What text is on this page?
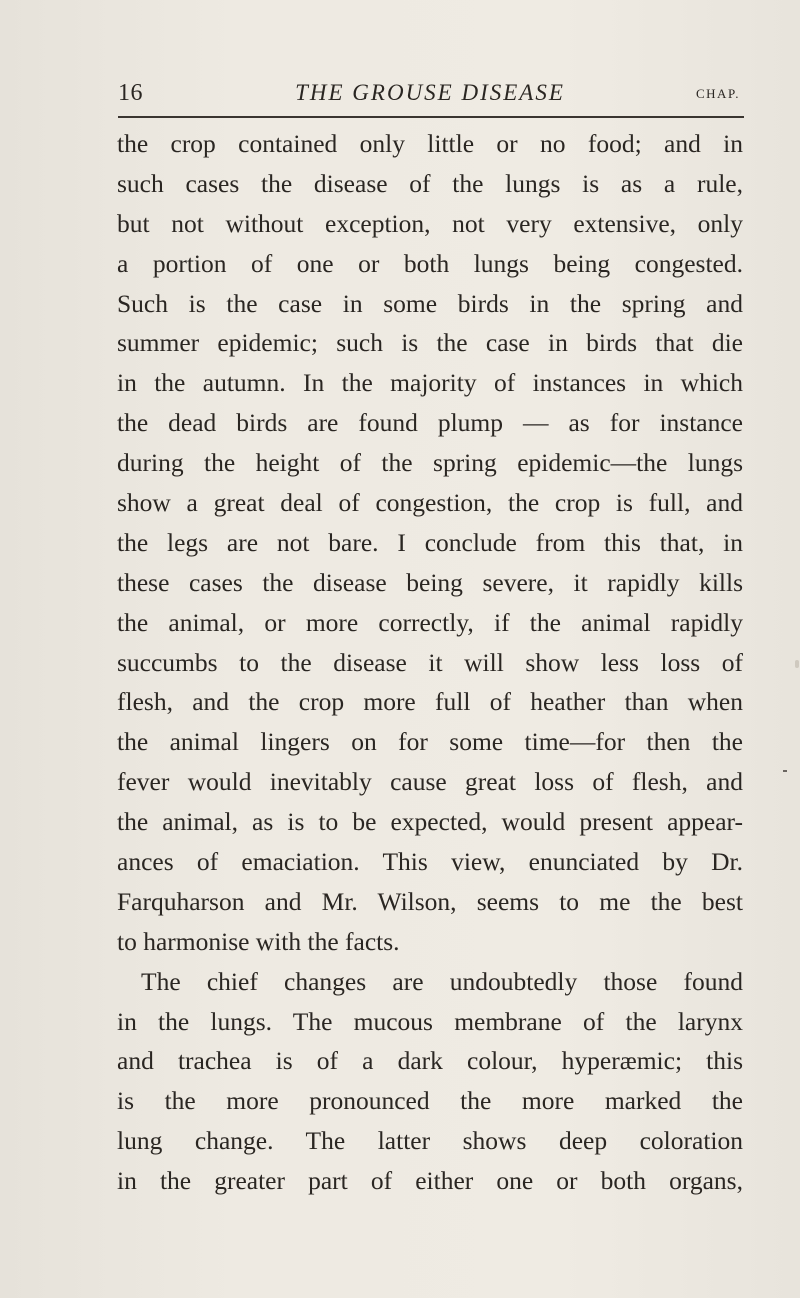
16	THE GROUSE DISEASE	CHAP.
the crop contained only little or no food; and in
such cases the disease of the lungs is as a rule,
but not without exception, not very extensive, only
a portion of one or both lungs being congested.
Such is the case in some birds in the spring and
summer epidemic; such is the case in birds that die
in the autumn. In the majority of instances in which
the dead birds are found plump — as for instance
during the height of the spring epidemic—the lungs
show a great deal of congestion, the crop is full, and
the legs are not bare. I conclude from this that, in
these cases the disease being severe, it rapidly kills
the animal, or more correctly, if the animal rapidly
succumbs to the disease it will show less loss of
flesh, and the crop more full of heather than when
the animal lingers on for some time—for then the
fever would inevitably cause great loss of flesh, and
the animal, as is to be expected, would present appear-
ances of emaciation. This view, enunciated by Dr.
Farquharson and Mr. Wilson, seems to me the best
to harmonise with the facts.
The chief changes are undoubtedly those found
in the lungs. The mucous membrane of the larynx
and trachea is of a dark colour, hyperæmic; this
is the more pronounced the more marked the
lung change. The latter shows deep coloration
in the greater part of either one or both organs,
